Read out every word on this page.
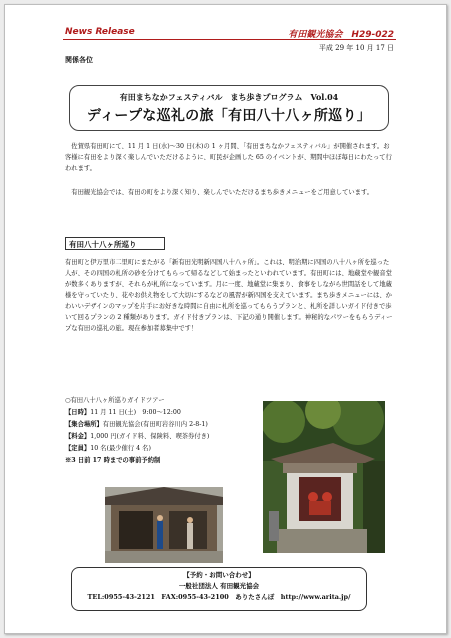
News Release	有田観光協会　H29-022
平成 29 年 10 月 17 日
関係各位
有田まちなかフェスティバル　まち歩きプログラム　Vol.04
ディープな巡礼の旅「有田八十八ヶ所巡り」
　佐賀県有田町にて、11 月 1 日(水)～30 日(木)の 1 ヶ月間、「有田まちなかフェスティバル」が開催されます。お客様に有田をより深く楽しんでいただけるように、町民が企画した 65 のイベントが、期間中ほぼ毎日にわたって行われます。
　有田観光協会では、有田の町をより深く知り、楽しんでいただけるまち歩きメニューをご用意しています。
有田八十八ヶ所巡り
有田町と伊万里市二里町にまたがる「新有田光明新四国八十八ヶ所」。これは、明治期に四国の八十八ヶ所を巡った人が、その四国の札所の砂を分けてもらって帰るなどして始まったといわれています。有田町には、地蔵堂や観音堂が数多くありますが、それらが札所になっています。月に一度、地蔵堂に集まり、食事をしながら世間話をして地蔵様を守っていたり、花やお供え物をして大切にするなどの風習が新四国を支えています。まち歩きメニューには、かわいいデザインのマップを片手にお好きな時間に自由に札所を巡ってもらうプランと、札所を詳しいガイド付きで歩いて回るプランの 2 種類があります。ガイド付きプランは、下記の通り開催します。神秘的なパワーをもらうディープな有田の巡礼の旅。現在参加者募集中です！
○有田八十八ヶ所巡りガイドツアー
【日時】11 月 11 日(土)　9:00～12:00
【集合場所】有田観光協会(有田町岩谷川内 2-8-1)
【料金】1,000 円(ガイド料、保険料、喫茶券付き)
【定員】10 名(最少催行 4 名)
※3 日前 17 時までの事前予約制
【予約・お問い合わせ】
一般社団法人 有田観光協会
TEL:0955-43-2121　FAX:0955-43-2100　ありたさんぽ　http://www.arita.jp/
